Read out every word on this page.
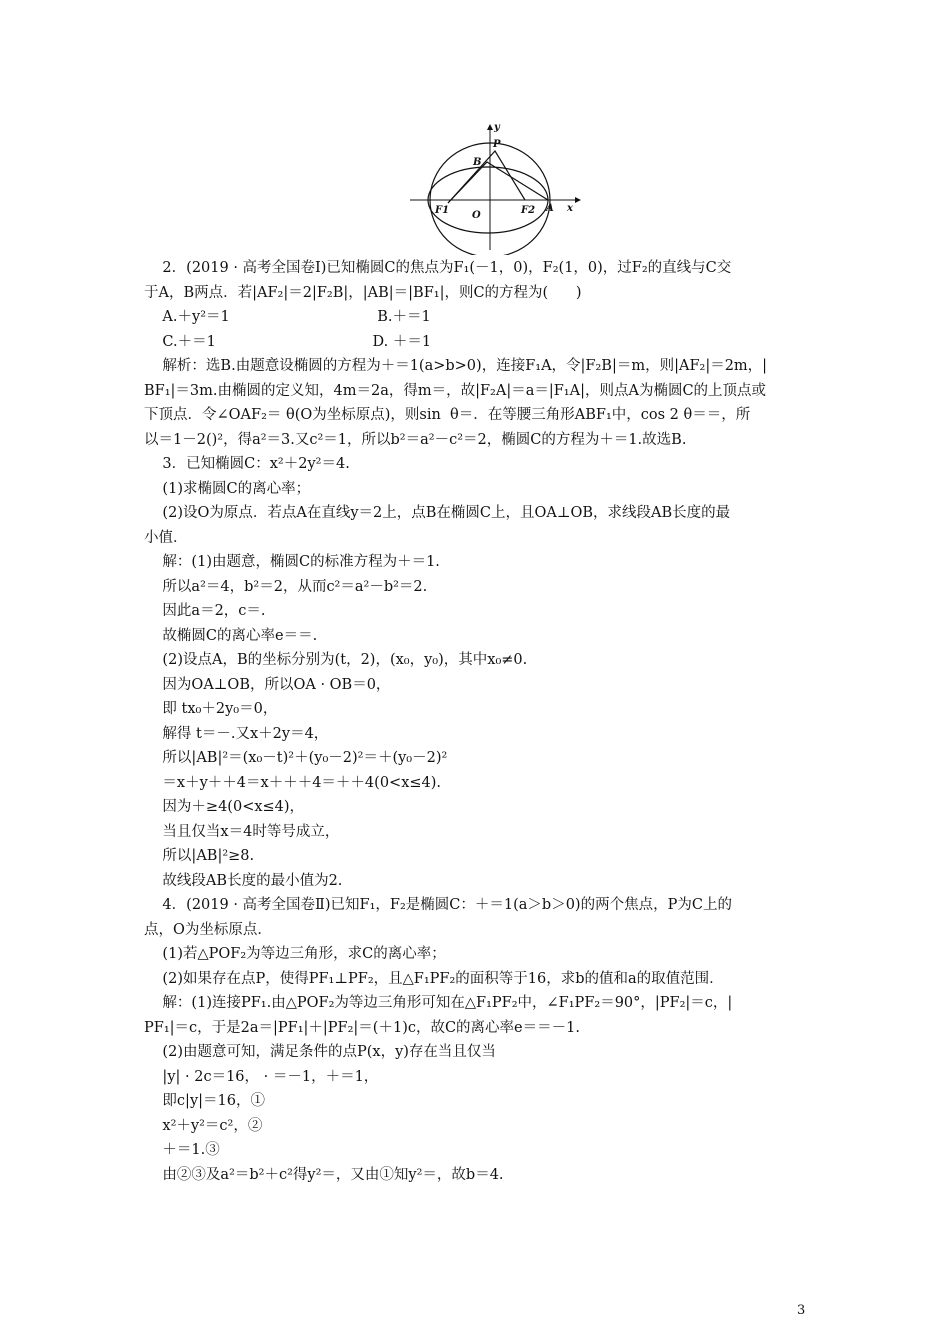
y
x
P
B
F1 O	F2 A
2．(2019 · 高考全国卷Ⅰ)已知椭圆C的焦点为F₁(－1，0)，F₂(1，0)，过F₂的直线与C交
于A，B两点．若|AF₂|＝2|F₂B|，|AB|＝|BF₁|，则C的方程为(      )
A.＋y²＝1                                B.＋＝1
C.＋＝1                                  D. ＋＝1
解析：选B.由题意设椭圆的方程为＋＝1(a>b>0)，连接F₁A，令|F₂B|＝m，则|AF₂|＝2m，|
BF₁|＝3m.由椭圆的定义知，4m＝2a，得m＝，故|F₂A|＝a＝|F₁A|，则点A为椭圆C的上顶点或
下顶点．令∠OAF₂＝ θ(O为坐标原点)，则sin  θ＝．在等腰三角形ABF₁中，cos 2 θ＝＝，所
以＝1－2()²，得a²＝3.又c²＝1，所以b²＝a²－c²＝2，椭圆C的方程为＋＝1.故选B.
3．已知椭圆C：x²＋2y²＝4.
(1)求椭圆C的离心率；
(2)设O为原点．若点A在直线y＝2上，点B在椭圆C上，且OA⊥OB，求线段AB长度的最
小值．
解：(1)由题意，椭圆C的标准方程为＋＝1.
所以a²＝4，b²＝2，从而c²＝a²－b²＝2.
因此a＝2，c＝.
故椭圆C的离心率e＝＝.
(2)设点A，B的坐标分别为(t，2)，(x₀，y₀)，其中x₀≠0.
因为OA⊥OB，所以OA · OB＝0，
即 tx₀＋2y₀＝0，
解得 t＝－.又x＋2y＝4，
所以|AB|²＝(x₀－t)²＋(y₀－2)²＝＋(y₀－2)²
＝x＋y＋＋4＝x＋＋＋4＝＋＋4(0<x≤4).
因为＋≥4(0<x≤4)，
当且仅当x＝4时等号成立，
所以|AB|²≥8.
故线段AB长度的最小值为2.
4．(2019 · 高考全国卷Ⅱ)已知F₁，F₂是椭圆C：＋＝1(a＞b＞0)的两个焦点，P为C上的
点，O为坐标原点．
(1)若△POF₂为等边三角形，求C的离心率；
(2)如果存在点P，使得PF₁⊥PF₂，且△F₁PF₂的面积等于16，求b的值和a的取值范围．
解：(1)连接PF₁.由△POF₂为等边三角形可知在△F₁PF₂中，∠F₁PF₂＝90°，|PF₂|＝c，|
PF₁|＝c，于是2a＝|PF₁|＋|PF₂|＝(＋1)c，故C的离心率e＝＝－1.
(2)由题意可知，满足条件的点P(x，y)存在当且仅当
|y| · 2c＝16， · ＝－1，＋＝1，
即c|y|＝16，①
x²＋y²＝c²，②
＋＝1.③
由②③及a²＝b²＋c²得y²＝，又由①知y²＝，故b＝4.
3
